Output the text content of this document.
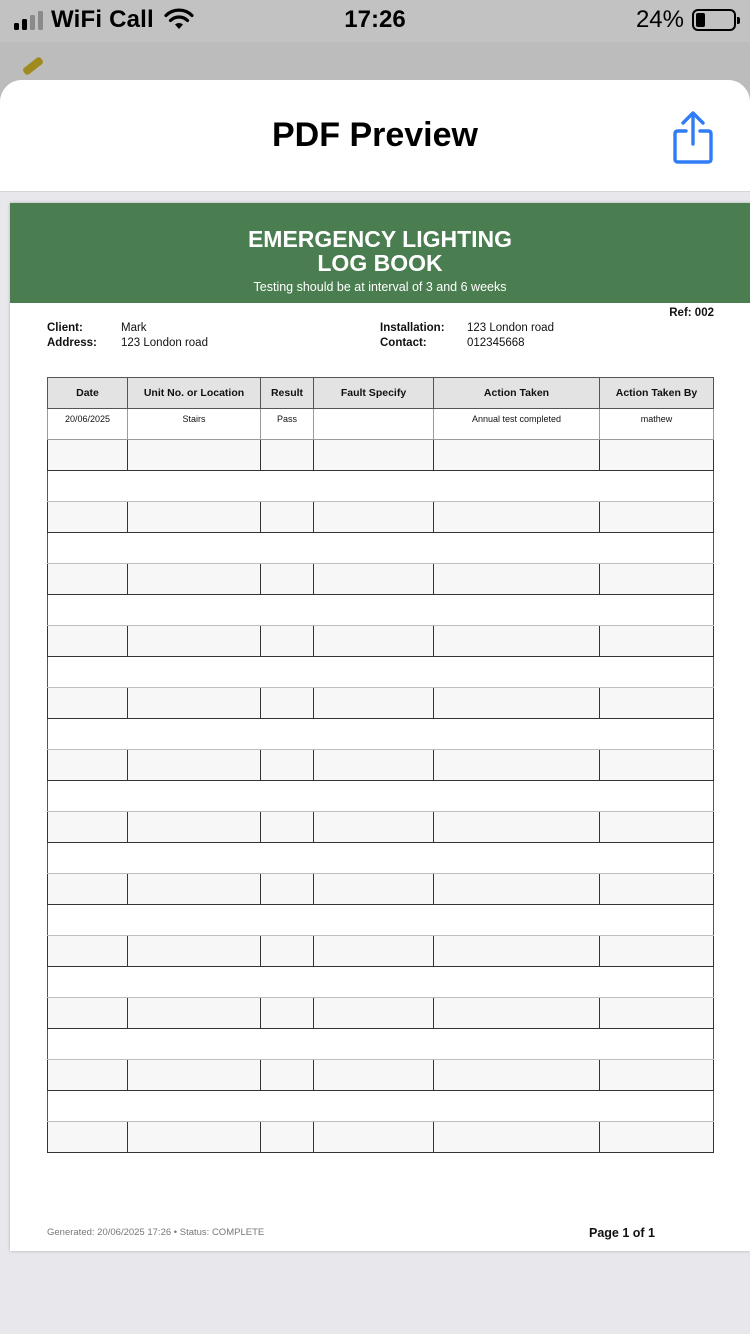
WiFi Call	17:26	24%
PDF Preview
EMERGENCY LIGHTING
LOG BOOK
Testing should be at interval of 3 and 6 weeks
Ref: 002
Client:	Mark
Address: 123 London road
Installation: 123 London road
Contact:	012345668
Date	Unit No. or Location	Result	Fault Specify	Action Taken	Action Taken By
20/06/2025	Stairs	Pass		Annual test completed	mathew

Generated: 20/06/2025 17:26 • Status: COMPLETE	Page 1 of 1
